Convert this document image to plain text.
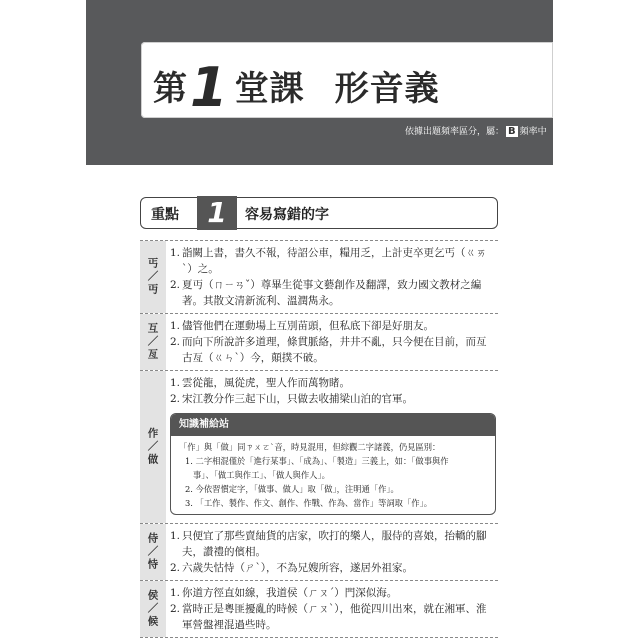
第1 堂課 形音義
依據出題頻率區分，屬： B 頻率中
重點	1	容易寫錯的字
丐
／
丏
1. 詣闕上書，書久不報，待詔公車，糧用乏，上計吏卒更乞丐（ㄍㄞˋ）之。
2. 夏丏（ㄇㄧㄢˇ）尊畢生從事文藝創作及翻譯，致力國文教材之編著。其散文清新流利、溫潤雋永。
互
／
亙
1. 儘管他們在運動場上互別苗頭，但私底下卻是好朋友。
2. 而向下所說許多道理，條貫脈絡，井井不亂，只今便在目前，而亙古亙（ㄍㄣˋ）今，顛撲不破。
作
／
做
1. 雲從龍，風從虎，聖人作而萬物睹。
2. 宋江教分作三起下山，只做去收捕梁山泊的官軍。
知識補給站
「作」與「做」同ㄗㄨㄛˋ音，時見混用，但綜觀二字諸義，仍見區別：
1. 二字相混僅於「進行某事」、「成為」、「製造」三義上，如：「做事與作
事」、「做工與作工」、「做人與作人」。
2. 今依習慣定字，「做事、做人」取「做」，注明通「作」。
3. 「工作、製作、作文、創作、作戰、作為、當作」等詞取「作」。
侍
／
恃
1. 只便宜了那些賣紬貨的店家，吹打的樂人，服侍的喜娘，抬轎的腳夫，讚禮的儐相。
2. 六歲失怙恃（ㄕˋ），不為兄嫂所容，遂居外祖家。
侯
／
候
1. 你道方徑直如線，我道侯（ㄏㄡˊ）門深似海。
2. 當時正是粵匪擾亂的時候（ㄏㄡˋ），他從四川出來，就在湘軍、淮軍營盤裡混過些時。
